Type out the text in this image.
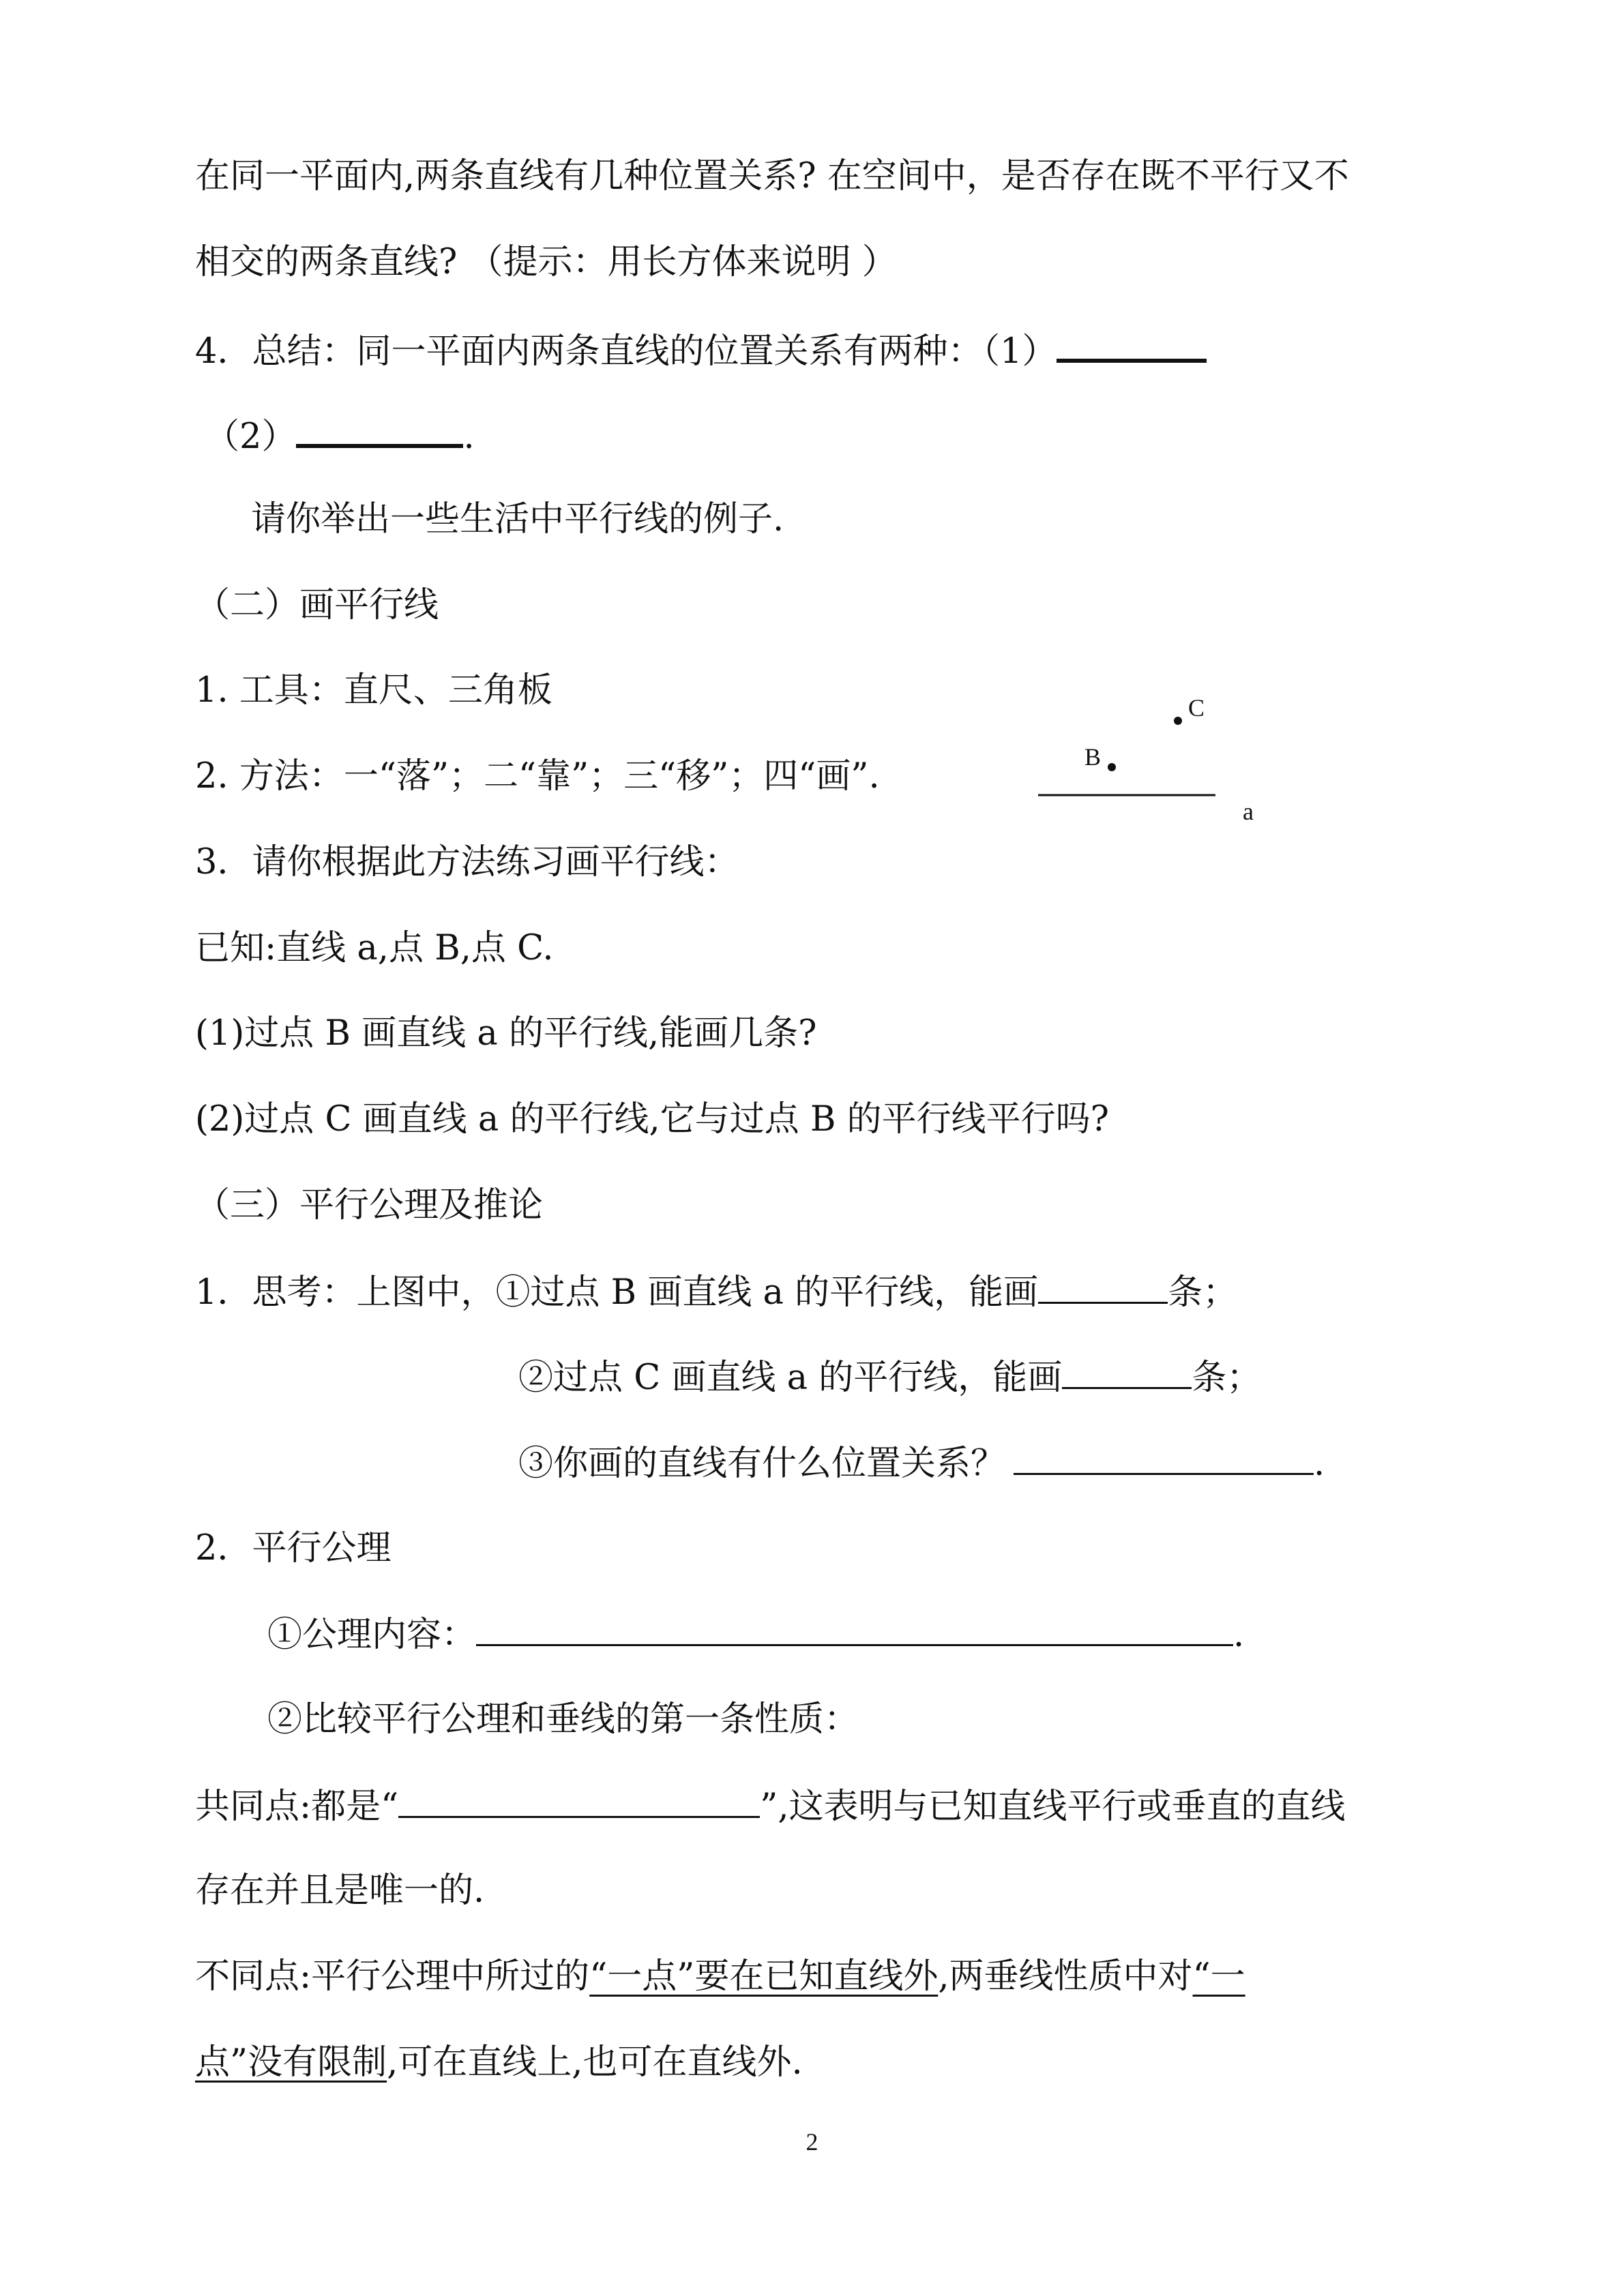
在同一平面内,两条直线有几种位置关系? 在空间中，是否存在既不平行又不
相交的两条直线? （提示：用长方体来说明 ）
4．总结：同一平面内两条直线的位置关系有两种：（1）
（2）	.
请你举出一些生活中平行线的例子.
（二）画平行线
1. 工具：直尺、三角板
2. 方法：一“落”；二“靠”；三“移”；四“画”.	B
C
a
3．请你根据此方法练习画平行线：
已知:直线 a,点 B,点 C.
(1)过点 B 画直线 a 的平行线,能画几条?
(2)过点 C 画直线 a 的平行线,它与过点 B 的平行线平行吗?
（三）平行公理及推论
1．思考：上图中，①过点 B 画直线 a 的平行线，能画	条；
②过点 C 画直线 a 的平行线，能画	条；
③你画的直线有什么位置关系？	.
2．平行公理
①公理内容：	.
②比较平行公理和垂线的第一条性质：
共同点:都是“	”,这表明与已知直线平行或垂直的直线
存在并且是唯一的.
不同点:平行公理中所过的“一点”要在已知直线外,两垂线性质中对“一
点”没有限制,可在直线上,也可在直线外.
2
